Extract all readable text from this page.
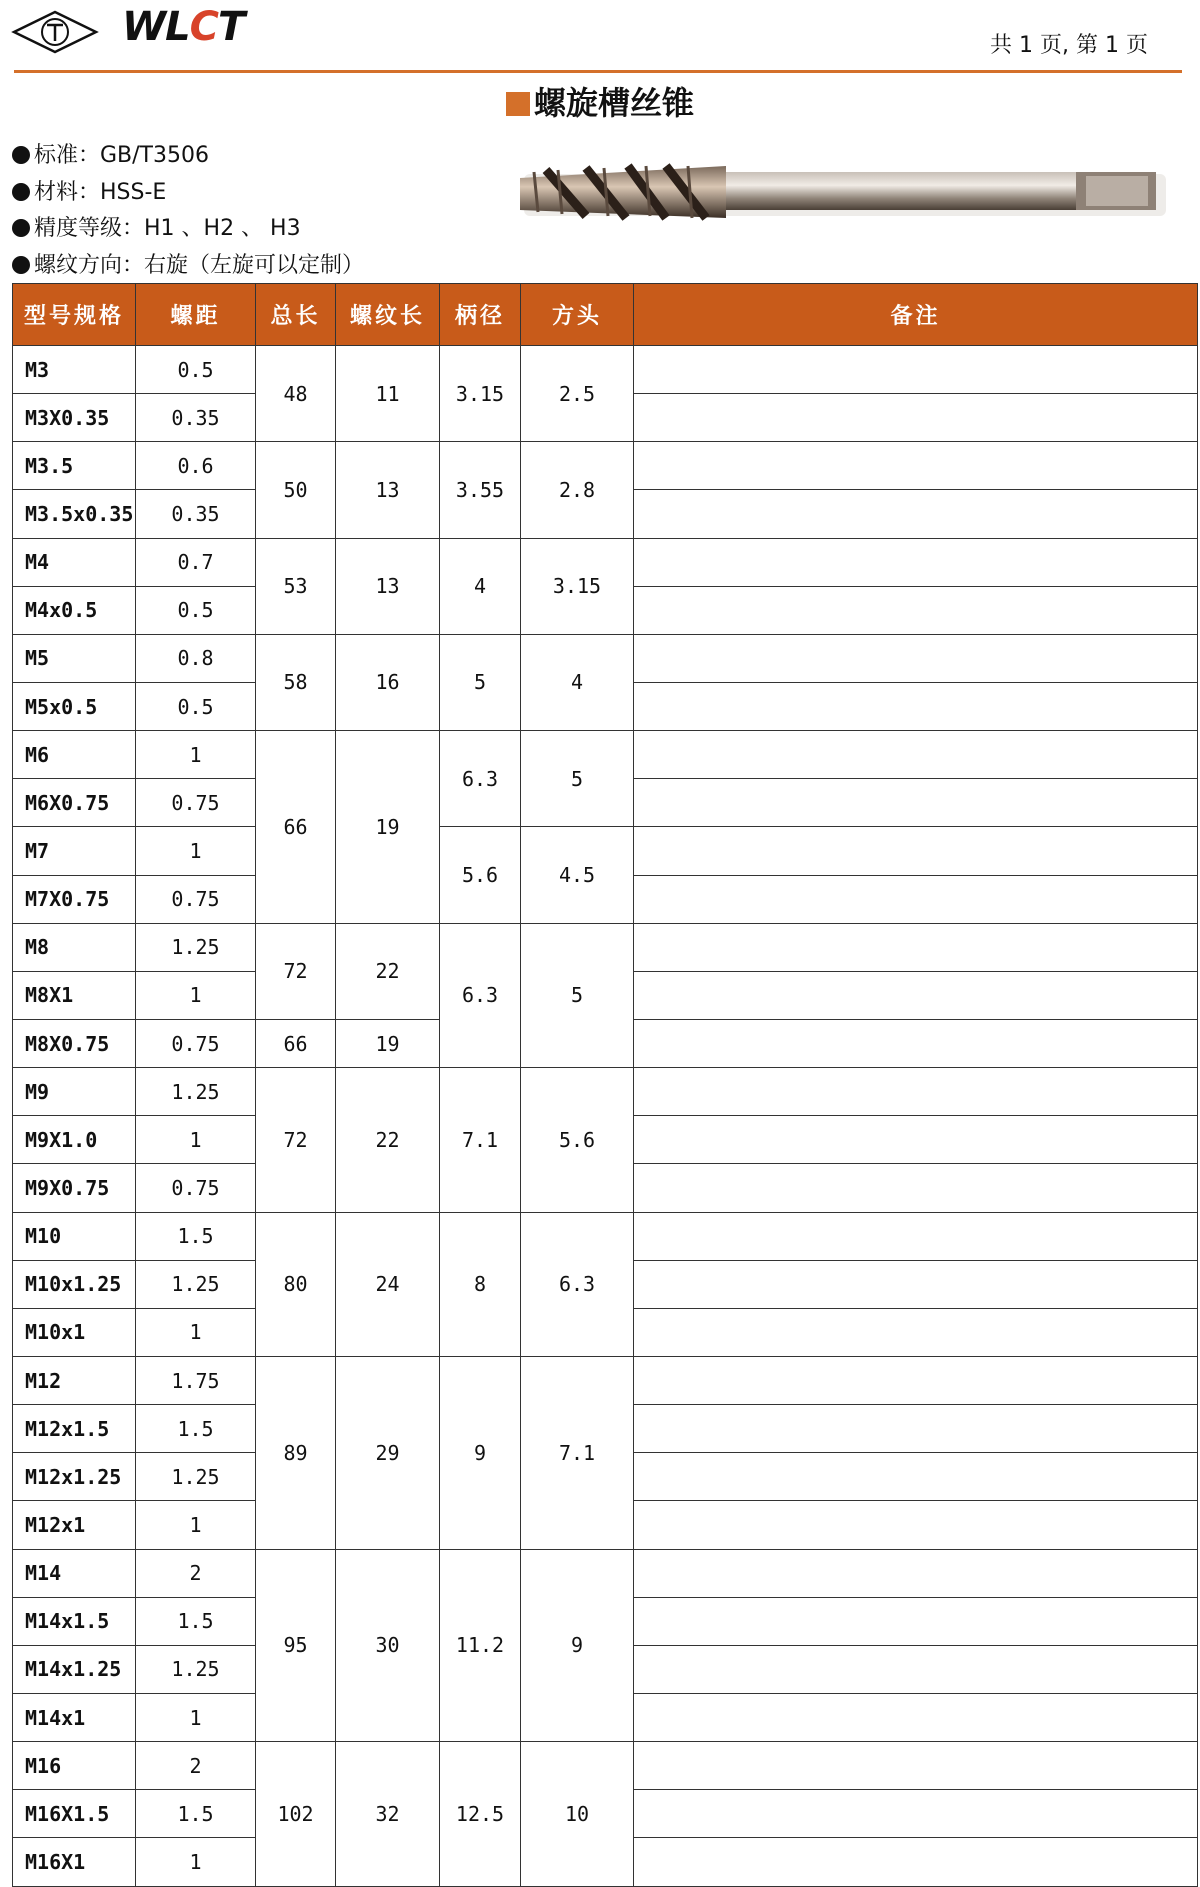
WLCT	共 1 页, 第 1 页
螺旋槽丝锥
标准：GB/T3506
材料：HSS-E
精度等级：H1 、H2 、 H3
螺纹方向：右旋（左旋可以定制）
型号规格	螺距	总长	螺纹长	柄径	方头	备注
M3	0.5	48	11	3.15	2.5	
M3X0.35	0.35					
M3.5	0.6	50	13	3.55	2.8	
M3.5x0.35	0.35					
M4	0.7	53	13	4	3.15	
M4x0.5	0.5					
M5	0.8	58	16	5	4	
M5x0.5	0.5					
M6	1	66	19	6.3	5	
M6X0.75	0.75					
M7	1			5.6	4.5	
M7X0.75	0.75					
M8	1.25	72	22	6.3	5	
M8X1	1					
M8X0.75	0.75	66	19			
M9	1.25	72	22	7.1	5.6	
M9X1.0	1					
M9X0.75	0.75					
M10	1.5	80	24	8	6.3	
M10x1.25	1.25					
M10x1	1					
M12	1.75	89	29	9	7.1	
M12x1.5	1.5					
M12x1.25	1.25					
M12x1	1					
M14	2	95	30	11.2	9	
M14x1.5	1.5					
M14x1.25	1.25					
M14x1	1					
M16	2	102	32	12.5	10	
M16X1.5	1.5					
M16X1	1					
